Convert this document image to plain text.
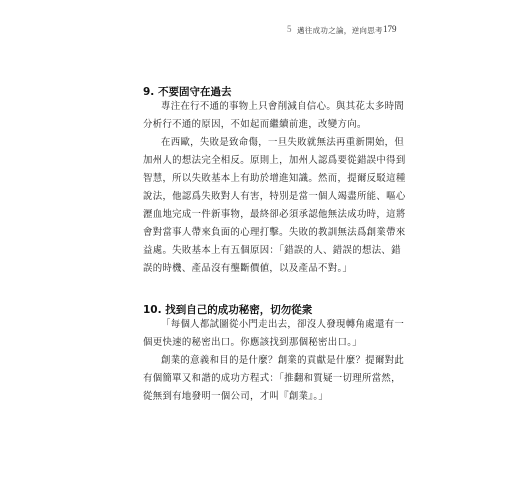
5 邁往成功之論，逆向思考 179
9. 不要固守在過去
專注在行不通的事物上只會削減自信心。與其花太多時間
分析行不通的原因，不如起而繼續前進，改變方向。
在西歐，失敗是致命傷，一旦失敗就無法再重新開始，但
加州人的想法完全相反。原則上，加州人認爲要從錯誤中得到
智慧，所以失敗基本上有助於增進知識。然而，提爾反駁這種
說法，他認爲失敗對人有害，特別是當一個人竭盡所能、嘔心
瀝血地完成一件新事物，最終卻必須承認他無法成功時，這將
會對當事人帶來負面的心理打擊。失敗的教訓無法爲創業帶來
益處。失敗基本上有五個原因：「錯誤的人、錯誤的想法、錯
誤的時機、產品沒有壟斷價値，以及產品不對。」
10. 找到自己的成功秘密，切勿從衆
「每個人都試圖從小門走出去，卻沒人發現轉角處還有一
個更快速的秘密出口。你應該找到那個秘密出口。」
創業的意義和目的是什麼？創業的貢獻是什麼？提爾對此
有個簡單又和諧的成功方程式：「推翻和質疑一切理所當然，
從無到有地發明一個公司，才叫『創業』。」
